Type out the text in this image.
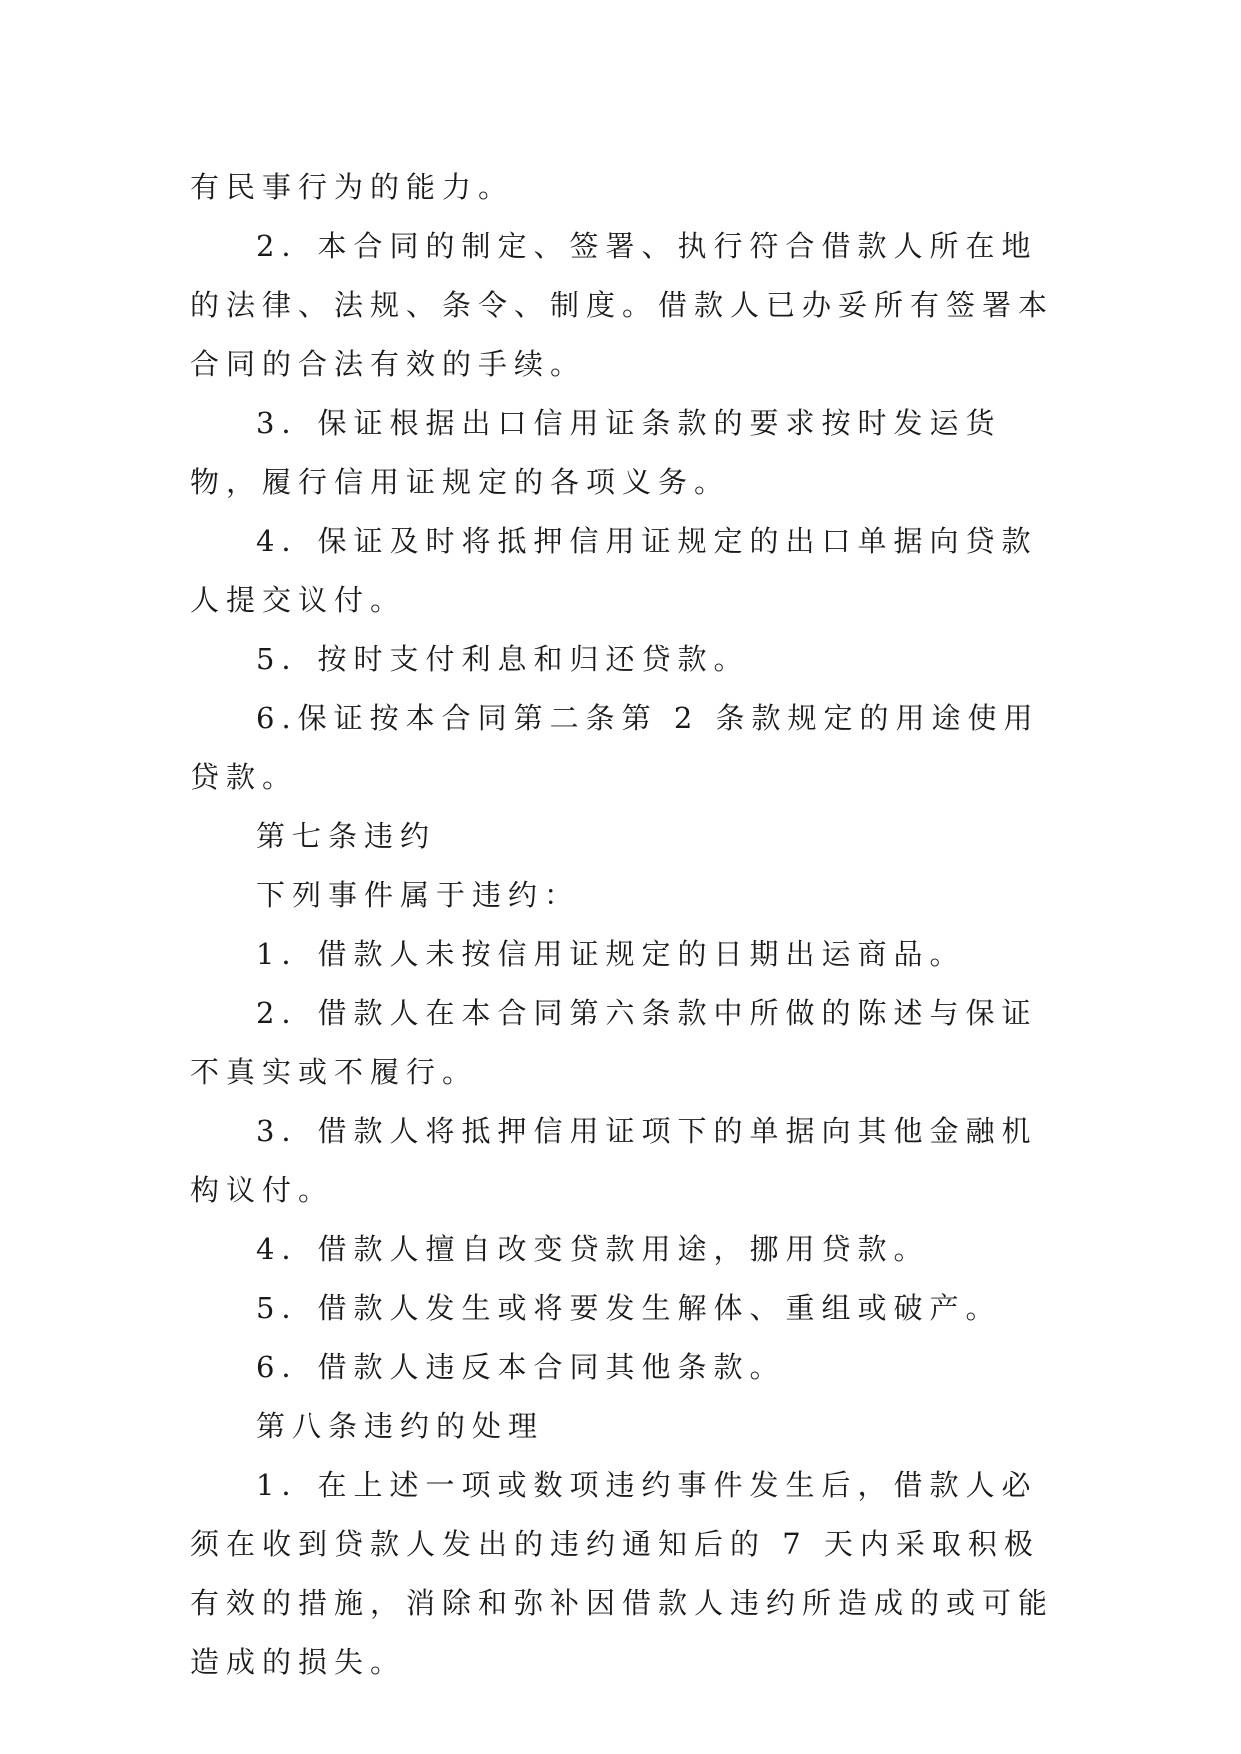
有民事行为的能力。

2．本合同的制定、签署、执行符合借款人所在地的法律、法规、条令、制度。借款人已办妥所有签署本合同的合法有效的手续。

3．保证根据出口信用证条款的要求按时发运货物，履行信用证规定的各项义务。

4．保证及时将抵押信用证规定的出口单据向贷款人提交议付。

5．按时支付利息和归还贷款。

6.保证按本合同第二条第 2 条款规定的用途使用贷款。

第七条违约

下列事件属于违约：

1．借款人未按信用证规定的日期出运商品。

2．借款人在本合同第六条款中所做的陈述与保证不真实或不履行。

3．借款人将抵押信用证项下的单据向其他金融机构议付。

4．借款人擅自改变贷款用途，挪用贷款。

5．借款人发生或将要发生解体、重组或破产。

6．借款人违反本合同其他条款。

第八条违约的处理

1．在上述一项或数项违约事件发生后，借款人必须在收到贷款人发出的违约通知后的 7 天内采取积极有效的措施，消除和弥补因借款人违约所造成的或可能造成的损失。
